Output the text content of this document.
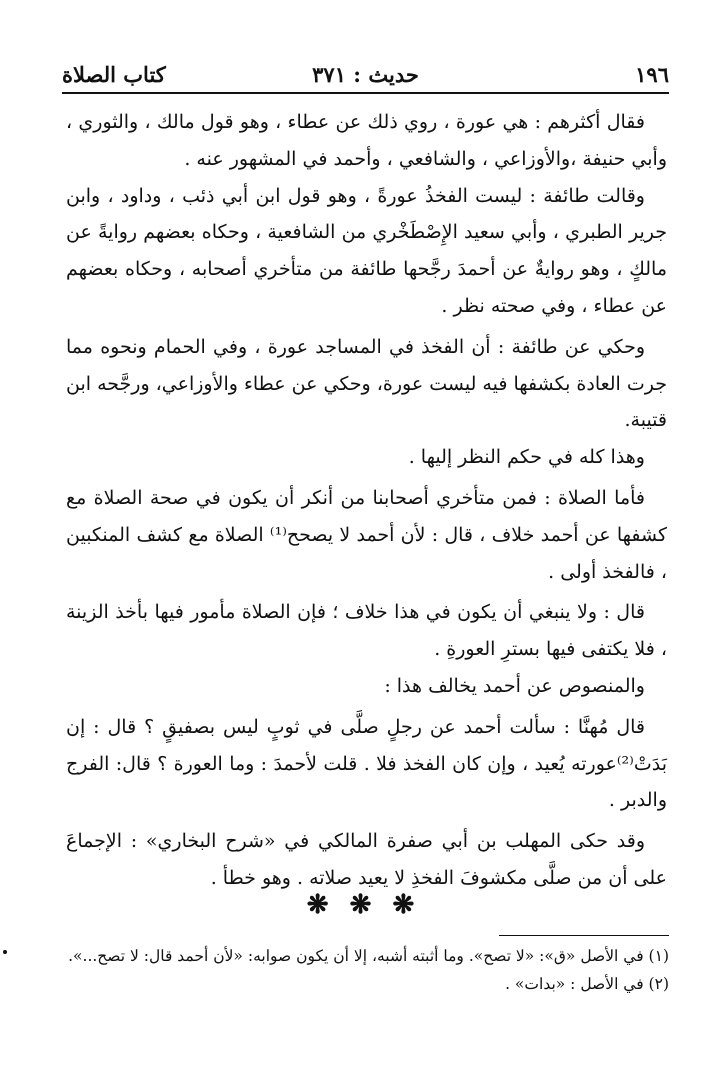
١٩٦
حديث : ٣٧١
كتاب الصلاة

فقال أكثرهم : هي عورة ، روي ذلك عن عطاء ، وهو قول مالك ، والثوري ، وأبي حنيفة ،والأوزاعي ، والشافعي ، وأحمد في المشهور عنه .

وقالت طائفة : ليست الفخذُ عورةً ، وهو قول ابن أبي ذئب ، وداود ، وابن جرير الطبري ، وأبي سعيد الإِصْطَخْري من الشافعية ، وحكاه بعضهم روايةً عن مالكٍ ، وهو روايةٌ عن أحمدَ رجَّحها طائفة من متأخري أصحابه ، وحكاه بعضهم عن عطاء ، وفي صحته نظر .

وحكي عن طائفة : أن الفخذ في المساجد عورة ، وفي الحمام ونحوه مما جرت العادة بكشفها فيه ليست عورة، وحكي عن عطاء والأوزاعي، ورجَّحه ابن قتيبة.

وهذا كله في حكم النظر إليها .

فأما الصلاة : فمن متأخري أصحابنا من أنكر أن يكون في صحة الصلاة مع كشفها عن أحمد خلاف ، قال : لأن أحمد لا يصحح⁽¹⁾ الصلاة مع كشف المنكبين ، فالفخذ أولى .

قال : ولا ينبغي أن يكون في هذا خلاف ؛ فإن الصلاة مأمور فيها بأخذ الزينة ، فلا يكتفى فيها بسترِ العورةِ .

والمنصوص عن أحمد يخالف هذا :

قال مُهنَّا : سألت أحمد عن رجلٍ صلَّى في ثوبٍ ليس بصفيقٍ ؟ قال : إن بَدَتْ⁽²⁾عورته يُعيد ، وإن كان الفخذ فلا . قلت لأحمدَ : وما العورة ؟ قال: الفرج والدبر .

وقد حكى المهلب بن أبي صفرة المالكي في «شرح البخاري» : الإجماعَ على أن من صلَّى مكشوفَ الفخذِ لا يعيد صلاته . وهو خطأ .

❋ ❋ ❋

(١) في الأصل «ق»: «لا تصح». وما أثبته أشبه، إلا أن يكون صوابه: «لأن أحمد قال: لا تصح...».

(٢) في الأصل : «بدات» .
